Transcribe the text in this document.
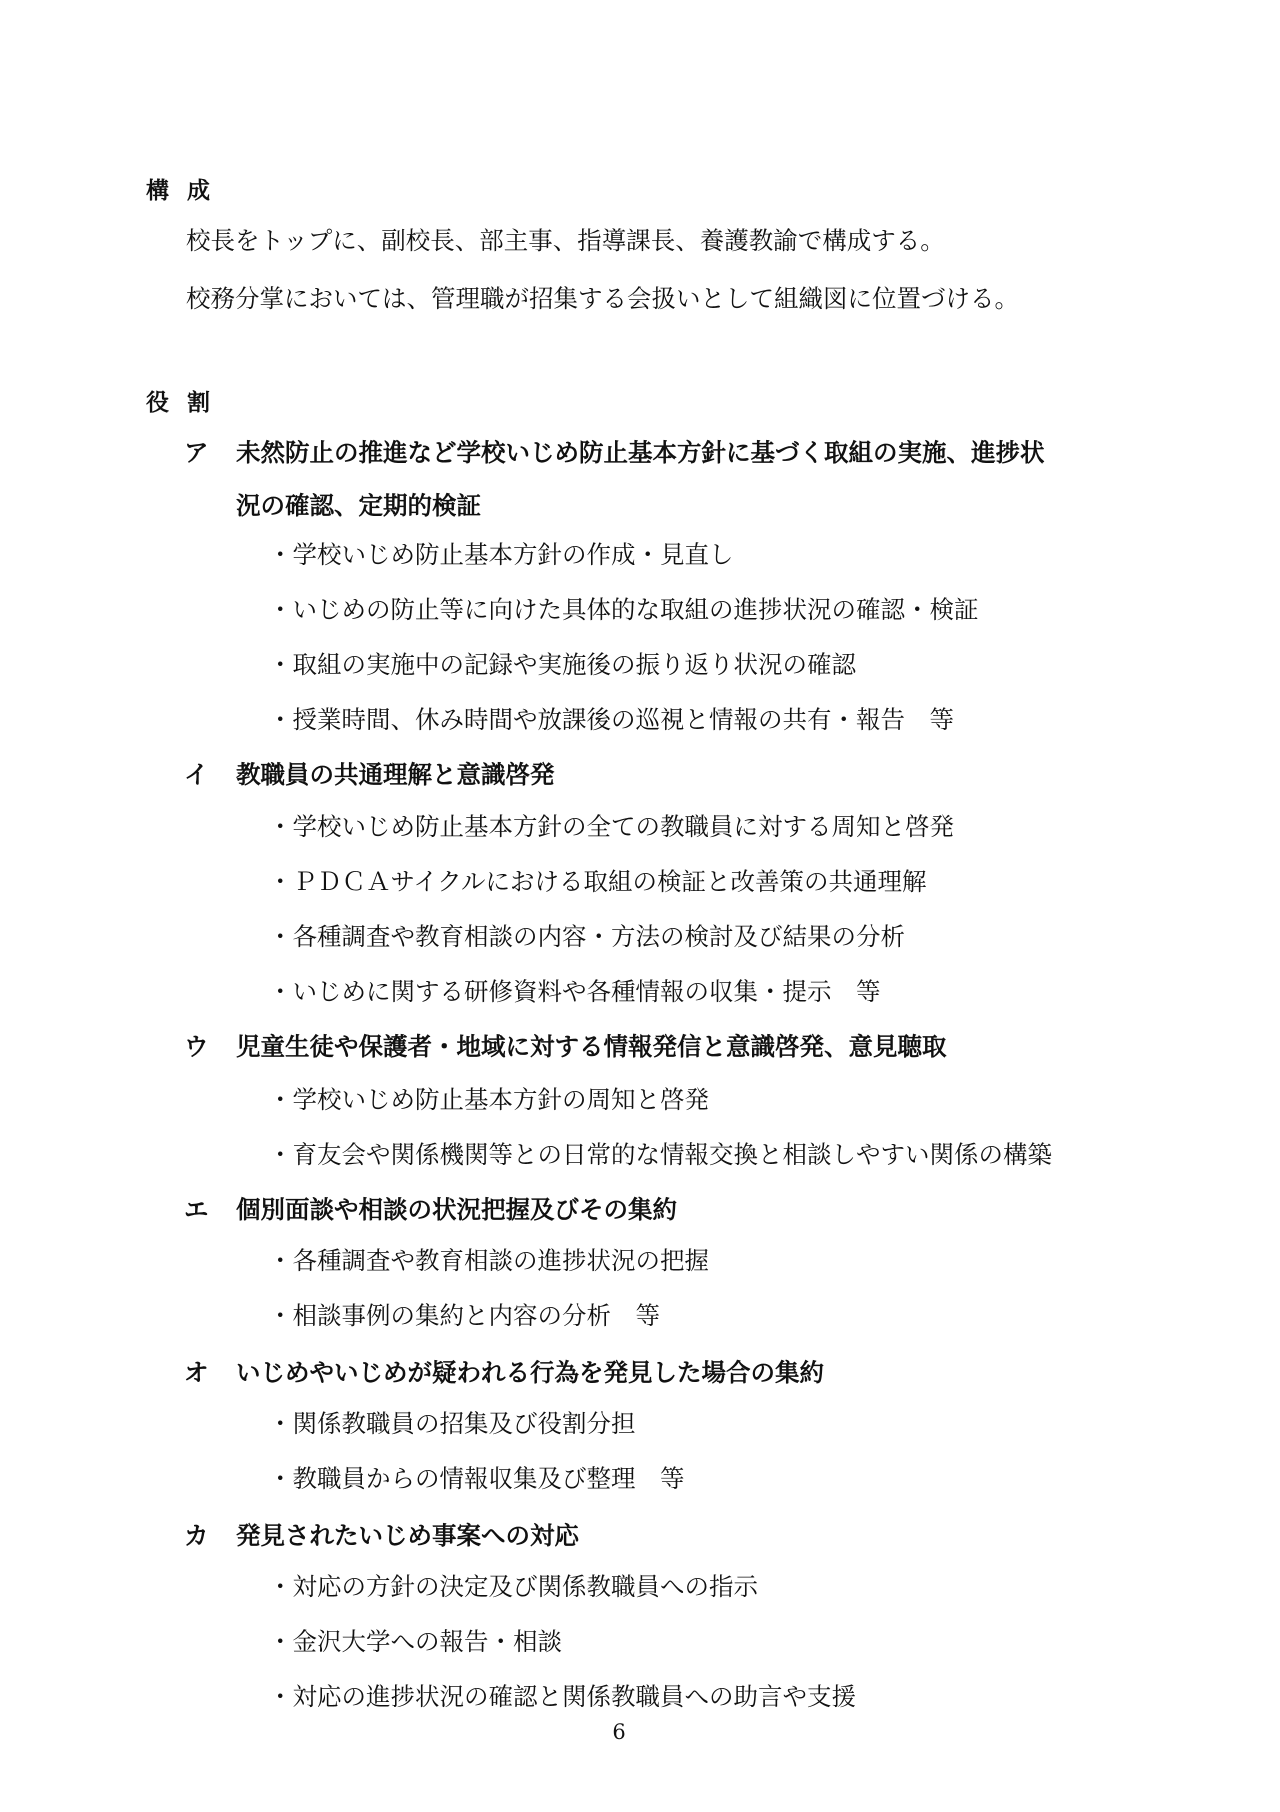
構成
校長をトップに、副校長、部主事、指導課長、養護教諭で構成する。
校務分掌においては、管理職が招集する会扱いとして組織図に位置づける。
役割
ア 未然防止の推進など学校いじめ防止基本方針に基づく取組の実施、進捗状
況の確認、定期的検証
・学校いじめ防止基本方針の作成・見直し
・いじめの防止等に向けた具体的な取組の進捗状況の確認・検証
・取組の実施中の記録や実施後の振り返り状況の確認
・授業時間、休み時間や放課後の巡視と情報の共有・報告　等
イ 教職員の共通理解と意識啓発
・学校いじめ防止基本方針の全ての教職員に対する周知と啓発
・ＰＤＣＡサイクルにおける取組の検証と改善策の共通理解
・各種調査や教育相談の内容・方法の検討及び結果の分析
・いじめに関する研修資料や各種情報の収集・提示　等
ウ 児童生徒や保護者・地域に対する情報発信と意識啓発、意見聴取
・学校いじめ防止基本方針の周知と啓発
・育友会や関係機関等との日常的な情報交換と相談しやすい関係の構築
エ 個別面談や相談の状況把握及びその集約
・各種調査や教育相談の進捗状況の把握
・相談事例の集約と内容の分析　等
オ いじめやいじめが疑われる行為を発見した場合の集約
・関係教職員の招集及び役割分担
・教職員からの情報収集及び整理　等
カ 発見されたいじめ事案への対応
・対応の方針の決定及び関係教職員への指示
・金沢大学への報告・相談
・対応の進捗状況の確認と関係教職員への助言や支援
6
